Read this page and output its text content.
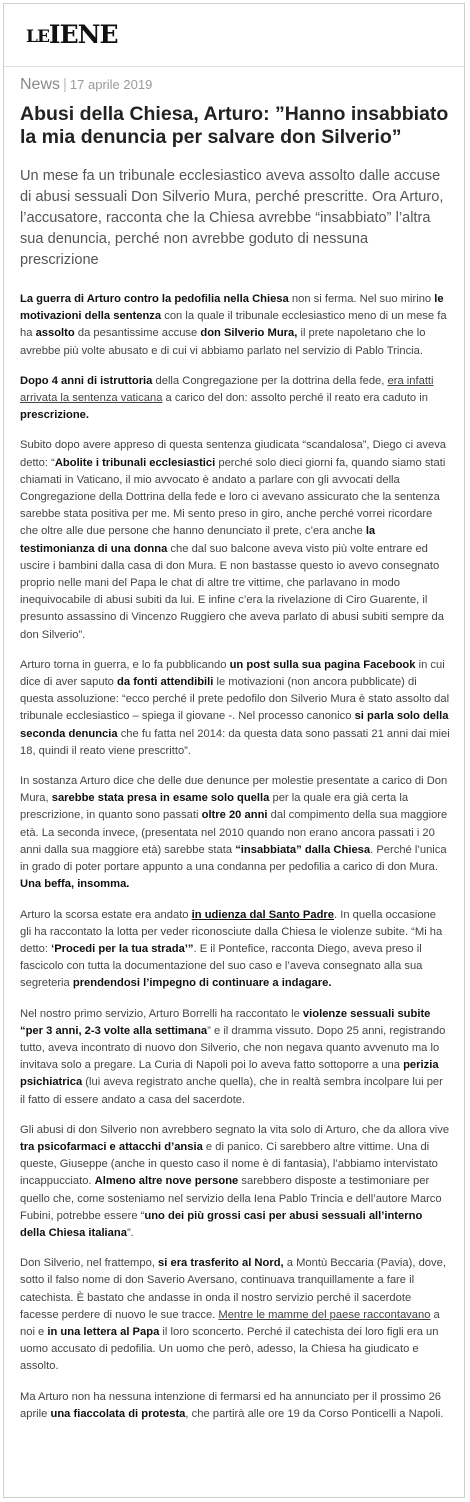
LE IENE
News | 17 aprile 2019
Abusi della Chiesa, Arturo: ”Hanno insabbiato la mia denuncia per salvare don Silverio”
Un mese fa un tribunale ecclesiastico aveva assolto dalle accuse di abusi sessuali Don Silverio Mura, perché prescritte. Ora Arturo, l’accusatore, racconta che la Chiesa avrebbe “insabbiato” l’altra sua denuncia, perché non avrebbe goduto di nessuna prescrizione

La guerra di Arturo contro la pedofilia nella Chiesa non si ferma. Nel suo mirino le motivazioni della sentenza con la quale il tribunale ecclesiastico meno di un mese fa ha assolto da pesantissime accuse don Silverio Mura, il prete napoletano che lo avrebbe più volte abusato e di cui vi abbiamo parlato nel servizio di Pablo Trincia.

Dopo 4 anni di istruttoria della Congregazione per la dottrina della fede, era infatti arrivata la sentenza vaticana a carico del don: assolto perché il reato era caduto in prescrizione.

Subito dopo avere appreso di questa sentenza giudicata “scandalosa”, Diego ci aveva detto: “Abolite i tribunali ecclesiastici perché solo dieci giorni fa, quando siamo stati chiamati in Vaticano, il mio avvocato è andato a parlare con gli avvocati della Congregazione della Dottrina della fede e loro ci avevano assicurato che la sentenza sarebbe stata positiva per me. Mi sento preso in giro, anche perché vorrei ricordare che oltre alle due persone che hanno denunciato il prete, c’era anche la testimonianza di una donna che dal suo balcone aveva visto più volte entrare ed uscire i bambini dalla casa di don Mura. E non bastasse questo io avevo consegnato proprio nelle mani del Papa le chat di altre tre vittime, che parlavano in modo inequivocabile di abusi subiti da lui. E infine c’era la rivelazione di Ciro Guarente, il presunto assassino di Vincenzo Ruggiero che aveva parlato di abusi subiti sempre da don Silverio”.

Arturo torna in guerra, e lo fa pubblicando un post sulla sua pagina Facebook in cui dice di aver saputo da fonti attendibili le motivazioni (non ancora pubblicate) di questa assoluzione: “ecco perché il prete pedofilo don Silverio Mura è stato assolto dal tribunale ecclesiastico – spiega il giovane -. Nel processo canonico si parla solo della seconda denuncia che fu fatta nel 2014: da questa data sono passati 21 anni dai miei 18, quindi il reato viene prescritto”.

In sostanza Arturo dice che delle due denunce per molestie presentate a carico di Don Mura, sarebbe stata presa in esame solo quella per la quale era già certa la prescrizione, in quanto sono passati oltre 20 anni dal compimento della sua maggiore età. La seconda invece, (presentata nel 2010 quando non erano ancora passati i 20 anni dalla sua maggiore età) sarebbe stata “insabbiata” dalla Chiesa. Perché l’unica in grado di poter portare appunto a una condanna per pedofilia a carico di don Mura. Una beffa, insomma.

Arturo la scorsa estate era andato in udienza dal Santo Padre. In quella occasione gli ha raccontato la lotta per veder riconosciute dalla Chiesa le violenze subite. “Mi ha detto: ‘Procedi per la tua strada’”. E il Pontefice, racconta Diego, aveva preso il fascicolo con tutta la documentazione del suo caso e l’aveva consegnato alla sua segreteria prendendosi l’impegno di continuare a indagare.

Nel nostro primo servizio, Arturo Borrelli ha raccontato le violenze sessuali subite “per 3 anni, 2-3 volte alla settimana” e il dramma vissuto. Dopo 25 anni, registrando tutto, aveva incontrato di nuovo don Silverio, che non negava quanto avvenuto ma lo invitava solo a pregare. La Curia di Napoli poi lo aveva fatto sottoporre a una perizia psichiatrica (lui aveva registrato anche quella), che in realtà sembra incolpare lui per il fatto di essere andato a casa del sacerdote.

Gli abusi di don Silverio non avrebbero segnato la vita solo di Arturo, che da allora vive tra psicofarmaci e attacchi d’ansia e di panico. Ci sarebbero altre vittime. Una di queste, Giuseppe (anche in questo caso il nome è di fantasia), l’abbiamo intervistato incappucciato. Almeno altre nove persone sarebbero disposte a testimoniare per quello che, come sosteniamo nel servizio della Iena Pablo Trincia e dell’autore Marco Fubini, potrebbe essere “uno dei più grossi casi per abusi sessuali all’interno della Chiesa italiana”.

Don Silverio, nel frattempo, si era trasferito al Nord, a Montù Beccaria (Pavia), dove, sotto il falso nome di don Saverio Aversano, continuava tranquillamente a fare il catechista. È bastato che andasse in onda il nostro servizio perché il sacerdote facesse perdere di nuovo le sue tracce. Mentre le mamme del paese raccontavano a noi e in una lettera al Papa il loro sconcerto. Perché il catechista dei loro figli era un uomo accusato di pedofilia. Un uomo che però, adesso, la Chiesa ha giudicato e assolto.

Ma Arturo non ha nessuna intenzione di fermarsi ed ha annunciato per il prossimo 26 aprile una fiaccolata di protesta, che partirà alle ore 19 da Corso Ponticelli a Napoli.
